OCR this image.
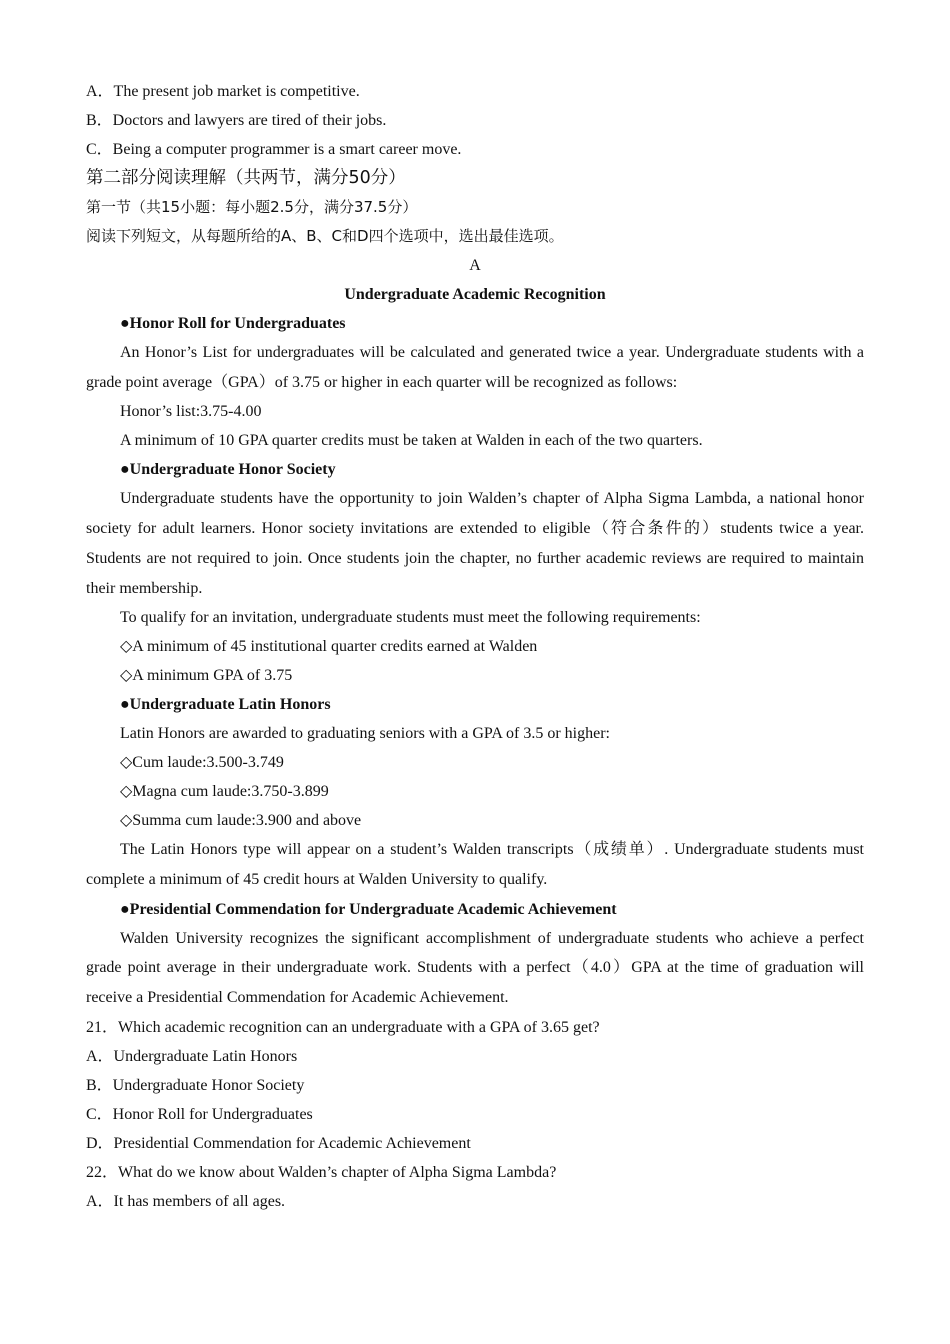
A．The present job market is competitive.
B．Doctors and lawyers are tired of their jobs.
C．Being a computer programmer is a smart career move.
第二部分阅读理解（共两节，满分50分）
第一节（共15小题：每小题2.5分，满分37.5分）
阅读下列短文，从每题所给的A、B、C和D四个选项中，选出最佳选项。
A
Undergraduate Academic Recognition
●Honor Roll for Undergraduates
An Honor’s List for undergraduates will be calculated and generated twice a year. Undergraduate students with a grade point average（GPA）of 3.75 or higher in each quarter will be recognized as follows:
Honor’s list:3.75-4.00
A minimum of 10 GPA quarter credits must be taken at Walden in each of the two quarters.
●Undergraduate Honor Society
Undergraduate students have the opportunity to join Walden’s chapter of Alpha Sigma Lambda, a national honor society for adult learners. Honor society invitations are extended to eligible（符合条件的）students twice a year. Students are not required to join. Once students join the chapter, no further academic reviews are required to maintain their membership.
To qualify for an invitation, undergraduate students must meet the following requirements:
◇A minimum of 45 institutional quarter credits earned at Walden
◇A minimum GPA of 3.75
●Undergraduate Latin Honors
Latin Honors are awarded to graduating seniors with a GPA of 3.5 or higher:
◇Cum laude:3.500-3.749
◇Magna cum laude:3.750-3.899
◇Summa cum laude:3.900 and above
The Latin Honors type will appear on a student’s Walden transcripts（成绩单）. Undergraduate students must complete a minimum of 45 credit hours at Walden University to qualify.
●Presidential Commendation for Undergraduate Academic Achievement
Walden University recognizes the significant accomplishment of undergraduate students who achieve a perfect grade point average in their undergraduate work. Students with a perfect（4.0）GPA at the time of graduation will receive a Presidential Commendation for Academic Achievement.
21．Which academic recognition can an undergraduate with a GPA of 3.65 get?
A．Undergraduate Latin Honors
B．Undergraduate Honor Society
C．Honor Roll for Undergraduates
D．Presidential Commendation for Academic Achievement
22．What do we know about Walden’s chapter of Alpha Sigma Lambda?
A．It has members of all ages.
